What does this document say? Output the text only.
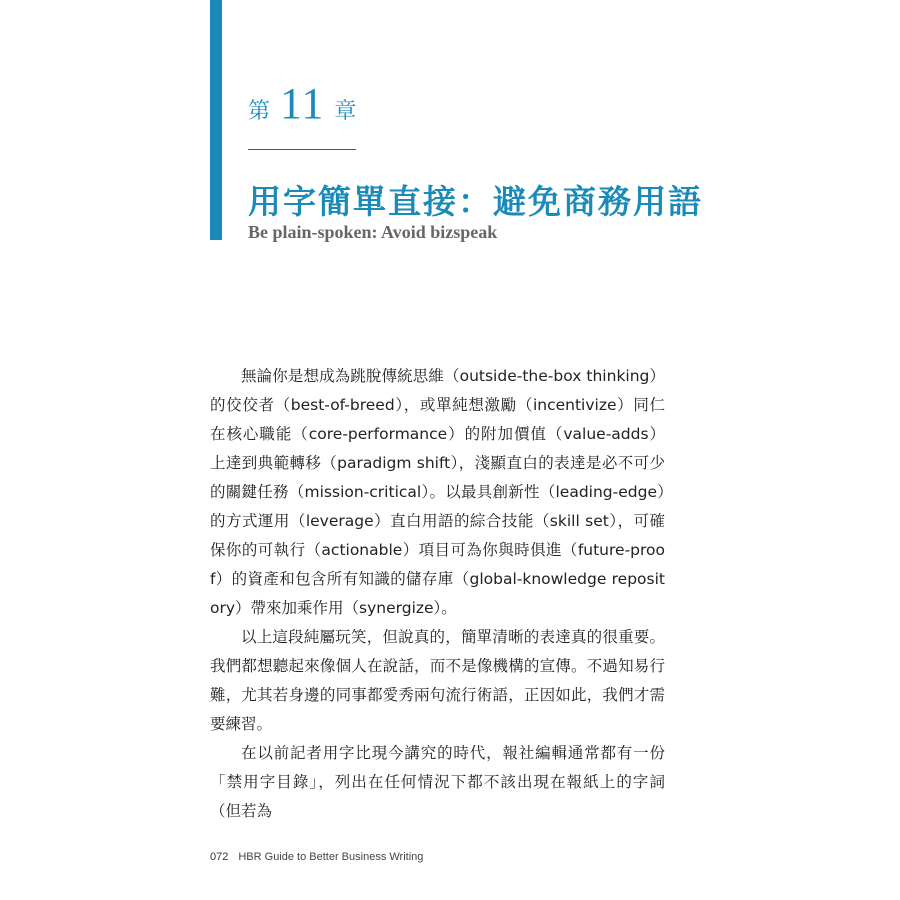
第 11 章
用字簡單直接：避免商務用語
Be plain-spoken: Avoid bizspeak

無論你是想成為跳脫傳統思維（outside-the-box thinking）的佼佼者（best-of-breed），或單純想激勵（incentivize）同仁在核心職能（core-performance）的附加價值（value-adds）上達到典範轉移（paradigm shift），淺顯直白的表達是必不可少的關鍵任務（mission-critical）。以最具創新性（leading-edge）的方式運用（leverage）直白用語的綜合技能（skill set），可確保你的可執行（actionable）項目可為你與時俱進（future-proof）的資產和包含所有知識的儲存庫（global-knowledge repository）帶來加乘作用（synergize）。

以上這段純屬玩笑，但說真的，簡單清晰的表達真的很重要。我們都想聽起來像個人在說話，而不是像機構的宣傳。不過知易行難，尤其若身邊的同事都愛秀兩句流行術語，正因如此，我們才需要練習。

在以前記者用字比現今講究的時代，報社編輯通常都有一份「禁用字目錄」，列出在任何情況下都不該出現在報紙上的字詞（但若為

072 HBR Guide to Better Business Writing
